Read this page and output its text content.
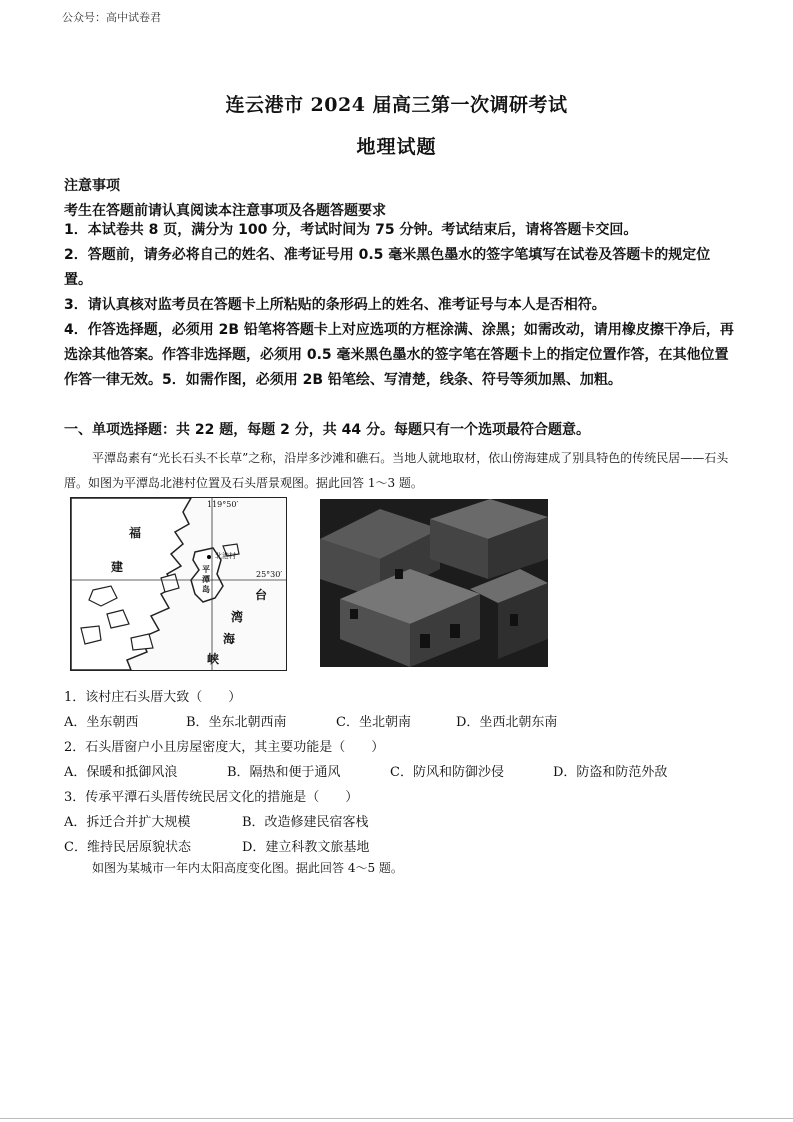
公众号：高中试卷君
连云港市 2024 届高三第一次调研考试
地理试题
注意事项
考生在答题前请认真阅读本注意事项及各题答题要求
1．本试卷共 8 页，满分为 100 分，考试时间为 75 分钟。考试结束后，请将答题卡交回。
2．答题前，请务必将自己的姓名、准考证号用 0.5 毫米黑色墨水的签字笔填写在试卷及答题卡的规定位置。
3．请认真核对监考员在答题卡上所粘贴的条形码上的姓名、准考证号与本人是否相符。
4．作答选择题，必须用 2B 铅笔将答题卡上对应选项的方框涂满、涂黑；如需改动，请用橡皮擦干净后，再选涂其他答案。作答非选择题，必须用 0.5 毫米黑色墨水的签字笔在答题卡上的指定位置作答，在其他位置作答一律无效。5．如需作图，必须用 2B 铅笔绘、写清楚，线条、符号等须加黑、加粗。
一、单项选择题：共 22 题，每题 2 分，共 44 分。每题只有一个选项最符合题意。
平潭岛素有“光长石头不长草”之称，沿岸多沙滩和礁石。当地人就地取材，依山傍海建成了别具特色的传统民居——石头厝。如图为平潭岛北港村位置及石头厝景观图。据此回答 1～3 题。
119°50′
25°30′
福
建
北港村
平
潭
岛	台
湾
海
峡
1．该村庄石头厝大致（　　）
A．坐东朝西	B．坐东北朝西南	C．坐北朝南	D．坐西北朝东南
2．石头厝窗户小且房屋密度大，其主要功能是（　　）
A．保暖和抵御风浪	B．隔热和便于通风	C．防风和防御沙侵	D．防盗和防范外敌
3．传承平潭石头厝传统民居文化的措施是（　　）
A．拆迁合并扩大规模	B．改造修建民宿客栈
C．维持民居原貌状态	D．建立科教文旅基地
如图为某城市一年内太阳高度变化图。据此回答 4～5 题。
